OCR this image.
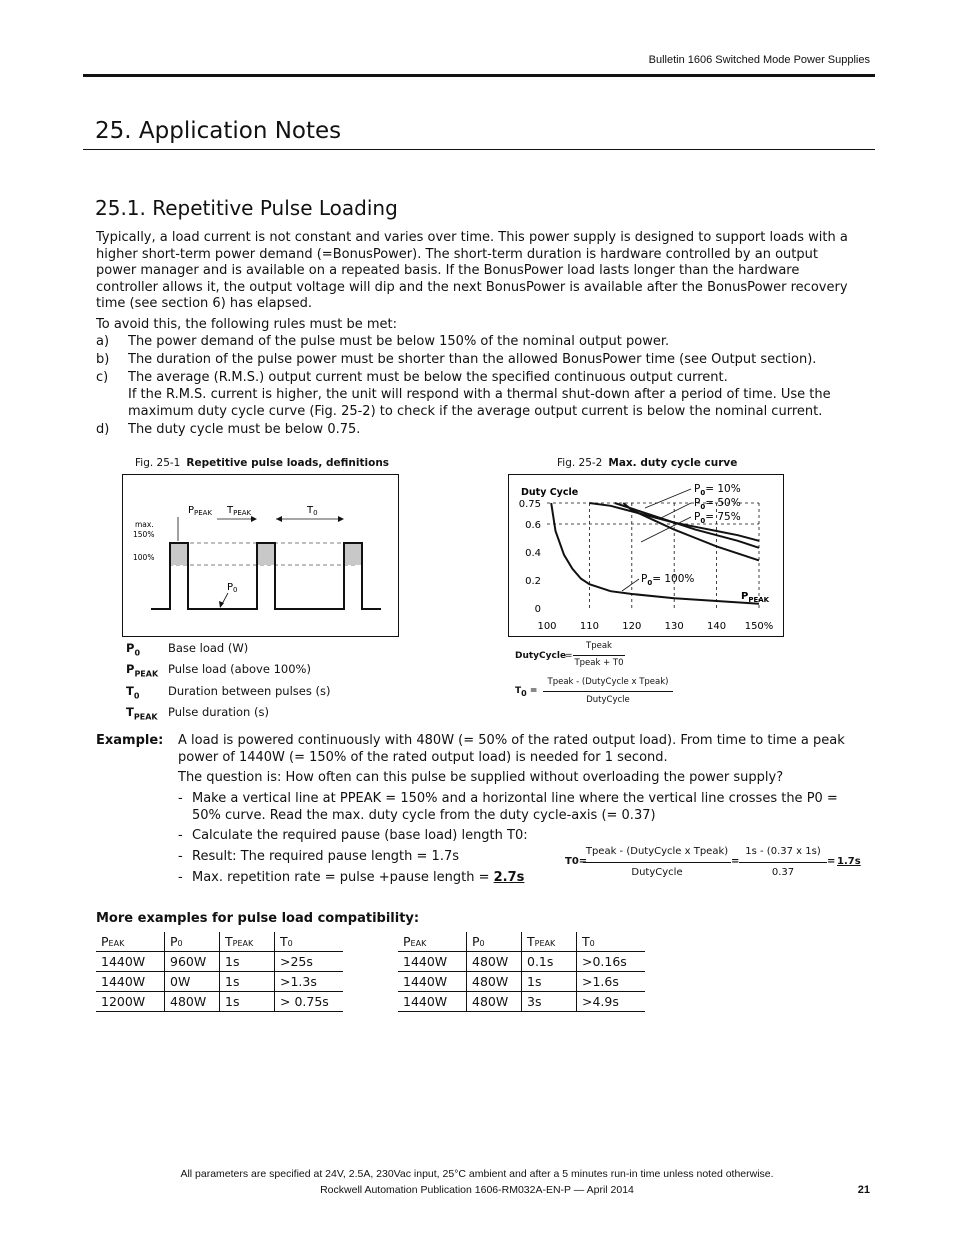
Bulletin 1606 Switched Mode Power Supplies
25. Application Notes
25.1. Repetitive Pulse Loading
Typically, a load current is not constant and varies over time. This power supply is designed to support loads with a higher short-term power demand (=BonusPower). The short-term duration is hardware controlled by an output power manager and is available on a repeated basis. If the BonusPower load lasts longer than the hardware controller allows it, the output voltage will dip and the next BonusPower is available after the BonusPower recovery time (see section 6) has elapsed.
To avoid this, the following rules must be met:
a)	The power demand of the pulse must be below 150% of the nominal output power.
b)	The duration of the pulse power must be shorter than the allowed BonusPower time (see Output section).
c)	The average (R.M.S.) output current must be below the specified continuous output current.
If the R.M.S. current is higher, the unit will respond with a thermal shut-down after a period of time. Use the maximum duty cycle curve (Fig. 25-2) to check if the average output current is below the nominal current.
d)	The duty cycle must be below 0.75.
Fig. 25-1 Repetitive pulse loads, definitions
$P_{PEAK}$ $T_{PEAK}$	$T_0$
$P_0$
max.
150%
100%
$P_0$	Base load (W)
$P_{PEAK}$ Pulse load (above 100%)
$T_0$	Duration between pulses (s)
$T_{PEAK}$ Pulse duration (s)
Fig. 25-2 Max. duty cycle curve
0
0.2
0.4
0.6
0.75
100 110 120 130 140 150%
Duty Cycle
$P_{PEAK}$
$P_0= 10\%$
$P_0= 50\%$
$P_0= 75\%$
$P_0= 100\%$
DutyCycle
=
Tpeak
Tpeak + T0
$T_0$ =
Tpeak - (DutyCycle x Tpeak)
DutyCycle
Example: A load is powered continuously with 480W (= 50% of the rated output load). From time to time a peak power of 1440W (= 150% of the rated output load) is needed for 1 second.
The question is: How often can this pulse be supplied without overloading the power supply?
- Make a vertical line at PPEAK = 150% and a horizontal line where the vertical line crosses the P0 = 50% curve. Read the max. duty cycle from the duty cycle-axis (= 0.37)
- Calculate the required pause (base load) length T0:
- Result: The required pause length = 1.7s
- Max. repetition rate = pulse +pause length = 2.7s
T0=
Tpeak - (DutyCycle x Tpeak)
DutyCycle
=
1s - (0.37 x 1s)
0.37
= 1.7s
More examples for pulse load compatibility:
PEAK	P0	TPEAK	T0
1440W	960W	1s	>25s
1440W	0W	1s	>1.3s
1200W	480W	1s	> 0.75s
PEAK	P0	TPEAK	T0
1440W	480W	0.1s	>0.16s
1440W	480W	1s	>1.6s
1440W	480W	3s	>4.9s
All parameters are specified at 24V, 2.5A, 230Vac input, 25°C ambient and after a 5 minutes run-in time unless noted otherwise.
Rockwell Automation Publication 1606-RM032A-EN-P — April 2014	21
